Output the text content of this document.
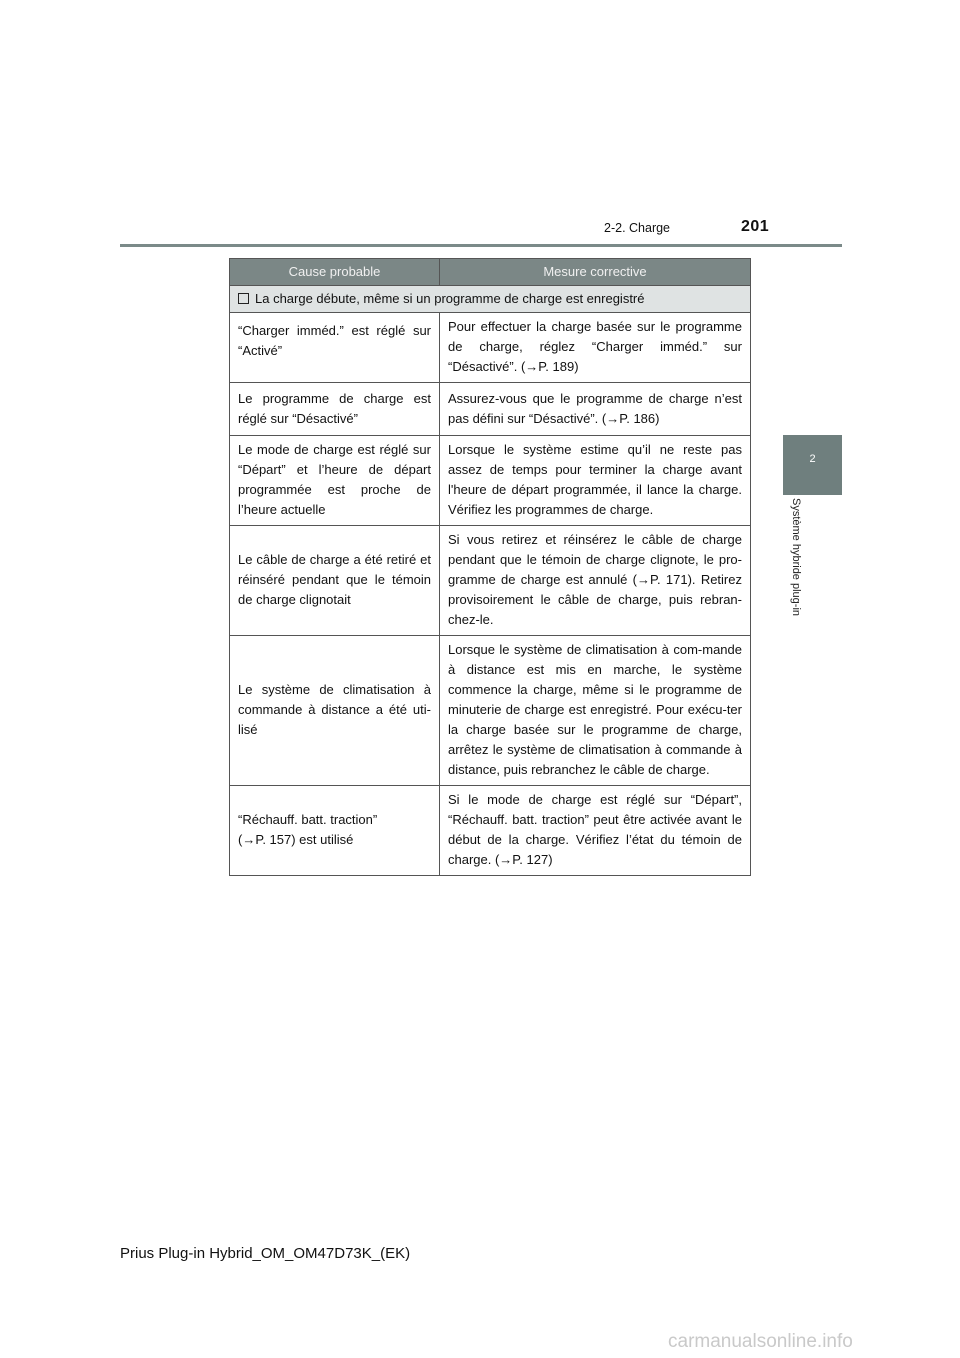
2-2. Charge	201
2
Système hybride plug-in
Cause probable	Mesure corrective
La charge débute, même si un programme de charge est enregistré	
“Charger imméd.” est réglé sur “Activé”	Pour effectuer la charge basée sur le programme de charge, réglez “Charger imméd.” sur “Désactivé”. (→P. 189)
Le programme de charge est réglé sur “Désactivé”	Assurez-vous que le programme de charge n’est pas défini sur “Désactivé”. (→P. 186)
Le mode de charge est réglé sur “Départ” et l’heure de départ programmée est proche de l’heure actuelle	Lorsque le système estime qu’il ne reste pas assez de temps pour terminer la charge avant l'heure de départ programmée, il lance la charge. Vérifiez les programmes de charge.
Le câble de charge a été retiré et réinséré pendant que le témoin de charge clignotait	Si vous retirez et réinsérez le câble de charge pendant que le témoin de charge clignote, le pro-gramme de charge est annulé (→P. 171). Retirez provisoirement le câble de charge, puis rebran-chez-le.
Le système de climatisation à commande à distance a été uti-lisé	Lorsque le système de climatisation à com-mande à distance est mis en marche, le système commence la charge, même si le programme de minuterie de charge est enregistré. Pour exécu-ter la charge basée sur le programme de charge, arrêtez le système de climatisation à commande à distance, puis rebranchez le câble de charge.

“Réchauff. batt. traction”
(→P. 157) est utilisé	Si le mode de charge est réglé sur “Départ”, “Réchauff. batt. traction” peut être activée avant le début de la charge. Vérifiez l’état du témoin de charge. (→P. 127)
Prius Plug-in Hybrid_OM_OM47D73K_(EK)
carmanualsonline.info
